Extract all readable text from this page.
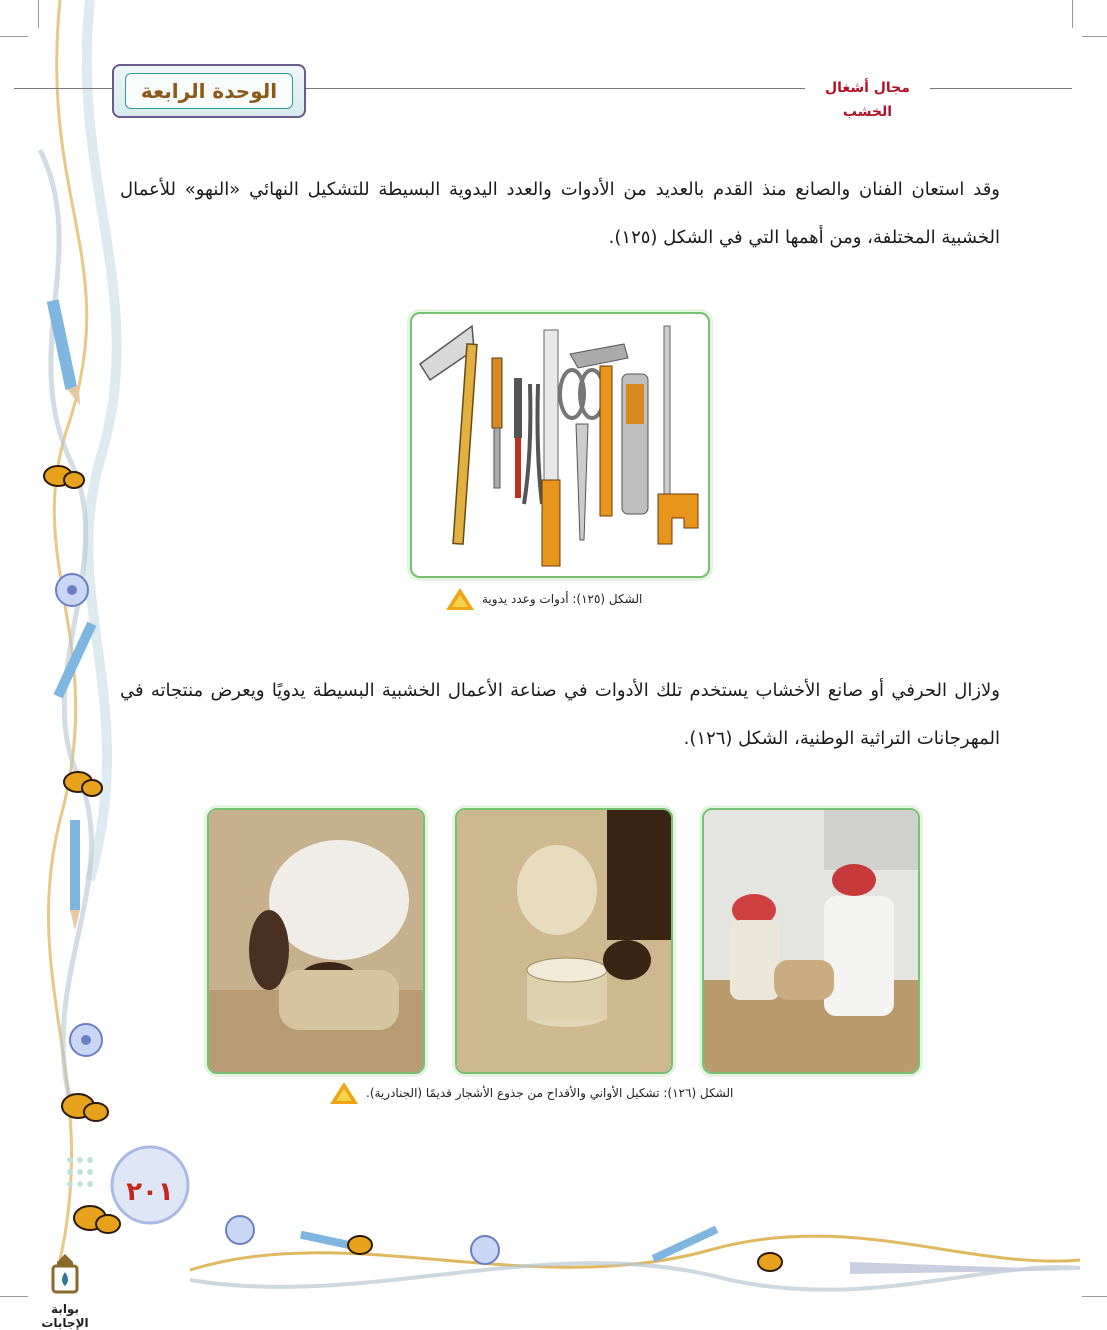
الوحدة الرابعة	مجال أشغال الخشب
وقد استعان الفنان والصانع منذ القدم بالعديد من الأدوات والعدد اليدوية البسيطة للتشكيل النهائي «النهو» للأعمال الخشبية المختلفة، ومن أهمها التي في الشكل (١٢٥).
الشكل (١٢٥): أدوات وعدد يدوية
ولازال الحرفي أو صانع الأخشاب يستخدم تلك الأدوات في صناعة الأعمال الخشبية البسيطة يدويًا ويعرض منتجاته في المهرجانات التراثية الوطنية، الشكل (١٢٦).
الشكل (١٢٦): تشكيل الأواني والأقداح من جذوع الأشجار قديمًا (الجنادرية).
٢٠١
بوابة الإجابات
